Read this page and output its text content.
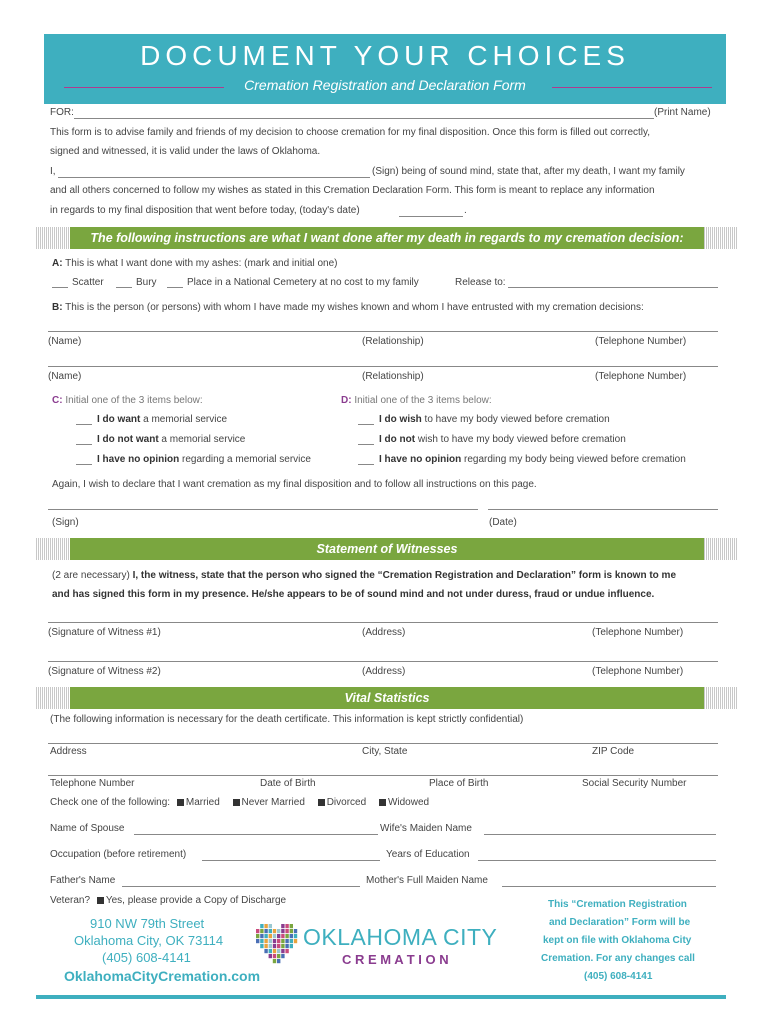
DOCUMENT YOUR CHOICES
Cremation Registration and Declaration Form
FOR:	(Print Name)
This form is to advise family and friends of my decision to choose cremation for my final disposition. Once this form is filled out correctly,
signed and witnessed, it is valid under the laws of Oklahoma.
I,	(Sign) being of sound mind, state that, after my death, I want my family
and all others concerned to follow my wishes as stated in this Cremation Declaration Form. This form is meant to replace any information
in regards to my final disposition that went before today, (today's date)	.
The following instructions are what I want done after my death in regards to my cremation decision:
A: This is what I want done with my ashes: (mark and initial one)
Scatter	Bury	Place in a National Cemetery at no cost to my family	Release to:
B: This is the person (or persons) with whom I have made my wishes known and whom I have entrusted with my cremation decisions:
(Name)	(Relationship)	(Telephone Number)
(Name)	(Relationship)	(Telephone Number)
C: Initial one of the 3 items below:	D: Initial one of the 3 items below:
I do want a memorial service
I do not want a memorial service
I have no opinion regarding a memorial service
I do wish to have my body viewed before cremation
I do not wish to have my body viewed before cremation
I have no opinion regarding my body being viewed before cremation
Again, I wish to declare that I want cremation as my final disposition and to follow all instructions on this page.
(Sign)	(Date)
Statement of Witnesses
(2 are necessary) I, the witness, state that the person who signed the “Cremation Registration and Declaration” form is known to me
and has signed this form in my presence. He/she appears to be of sound mind and not under duress, fraud or undue influence.
(Signature of Witness #1)	(Address)	(Telephone Number)
(Signature of Witness #2)	(Address)	(Telephone Number)
Vital Statistics
(The following information is necessary for the death certificate. This information is kept strictly confidential)
Address	City, State	ZIP Code
Telephone Number	Date of Birth	Place of Birth	Social Security Number
Check one of the following: Married Never Married Divorced Widowed
Name of Spouse	Wife's Maiden Name
Occupation (before retirement)	Years of Education
Father's Name	Mother's Full Maiden Name
Veteran? Yes, please provide a Copy of Discharge
910 NW 79th Street
Oklahoma City, OK 73114
(405) 608-4141
OklahomaCityCremation.com
OKLAHOMA CITY
C R E M A T I O N
This “Cremation Registration
and Declaration” Form will be
kept on file with Oklahoma City
Cremation. For any changes call
(405) 608-4141
